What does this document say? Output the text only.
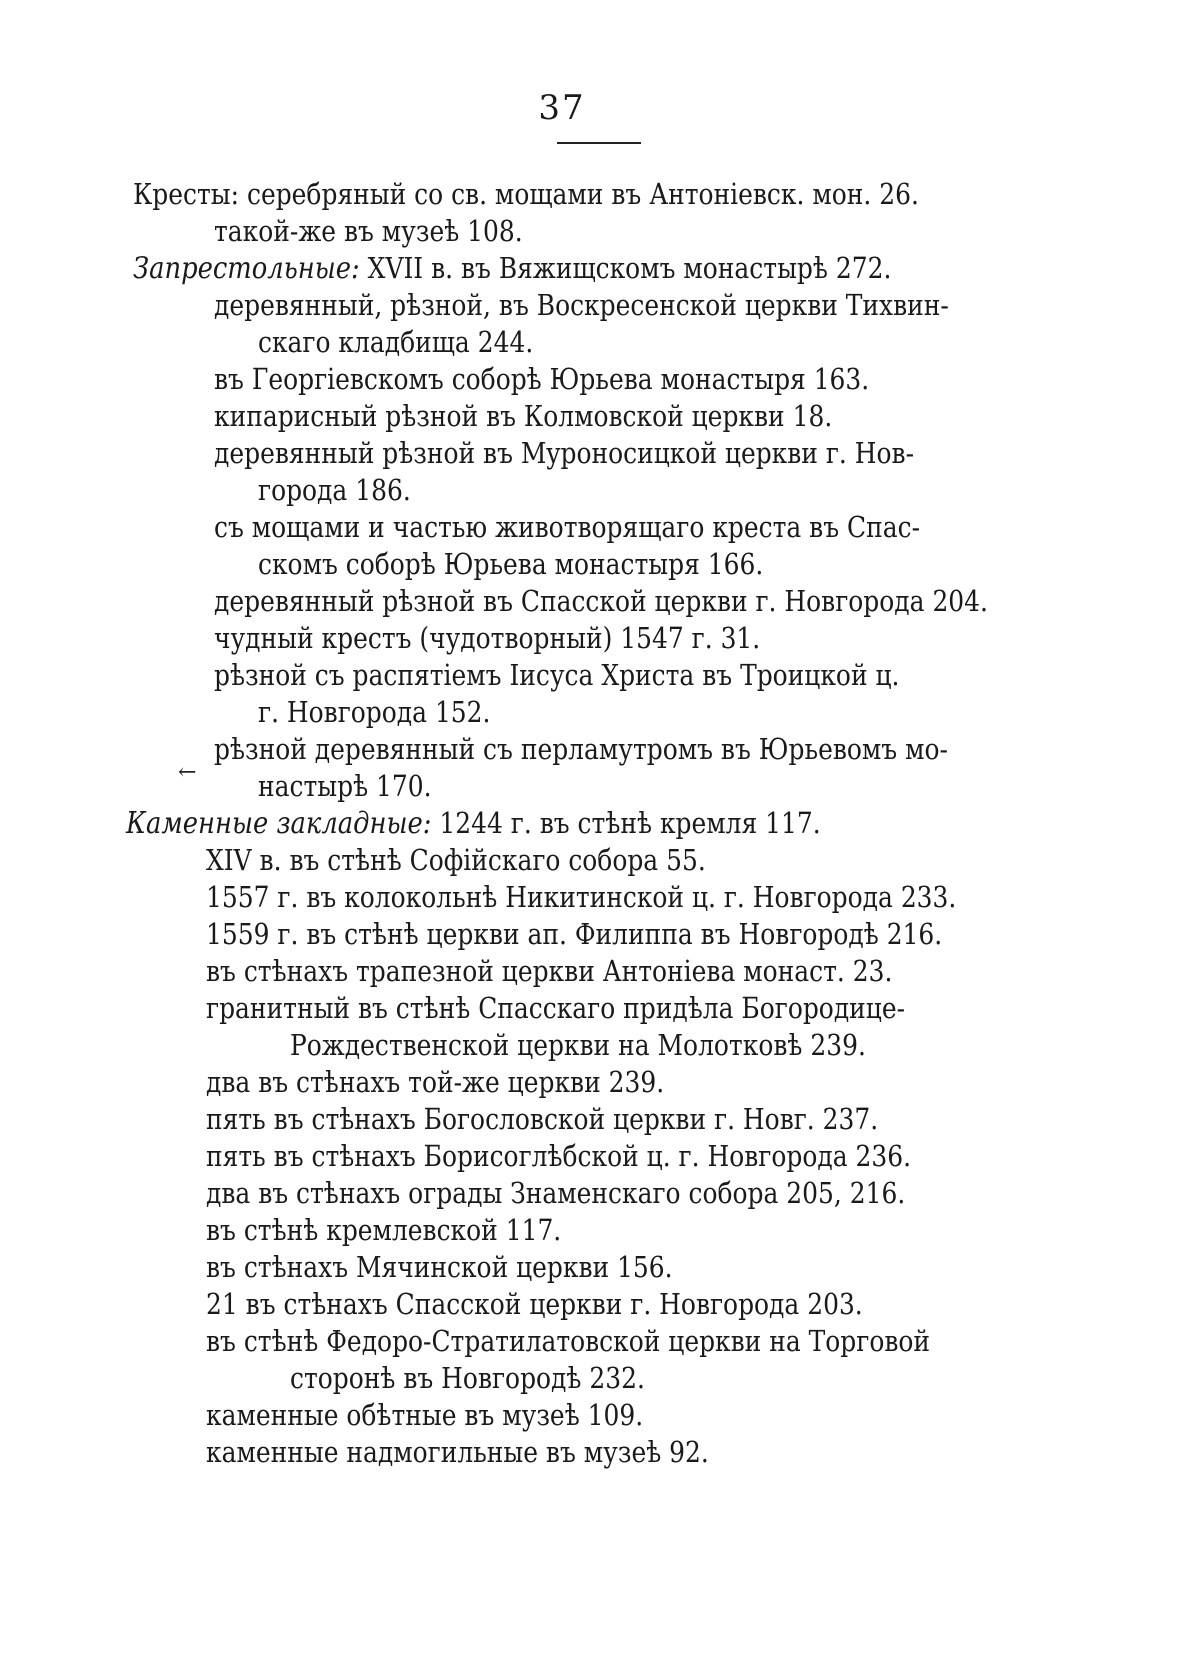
37
Кресты: серебряный со св. мощами въ Антоніевск. мон. 26.
такой-же въ музеѣ 108.
Запрестольные: XVII в. въ Вяжищскомъ монастырѣ 272.
деревянный, рѣзной, въ Воскресенской церкви Тихвин-
скаго кладбища 244.
въ Георгіевскомъ соборѣ Юрьева монастыря 163.
кипарисный рѣзной въ Колмовской церкви 18.
деревянный рѣзной въ Мyроносицкой церкви г. Нов-
города 186.
съ мощами и частью животворящаго креста въ Спас-
скомъ соборѣ Юрьева монастыря 166.
деревянный рѣзной въ Спасской церкви г. Новгорода 204.
чудный крестъ (чудотворный) 1547 г. 31.
рѣзной съ распятіемъ Іисуса Христа въ Троицкой ц.
г. Новгорода 152.
рѣзной деревянный съ перламутромъ въ Юрьевомъ мо-
← настырѣ 170.
Каменные закладные: 1244 г. въ стѣнѣ кремля 117.
XIV в. въ стѣнѣ Софійскаго собора 55.
1557 г. въ колокольнѣ Никитинской ц. г. Новгорода 233.
1559 г. въ стѣнѣ церкви ап. Филиппа въ Новгородѣ 216.
въ стѣнахъ трапезной церкви Антоніева монаст. 23.
гранитный въ стѣнѣ Спасскаго придѣла Богородице-
Рождественской церкви на Молотковѣ 239.
два въ стѣнахъ той-же церкви 239.
пять въ стѣнахъ Богословской церкви г. Новг. 237.
пять въ стѣнахъ Борисоглѣбской ц. г. Новгорода 236.
два въ стѣнахъ ограды Знаменскаго собора 205, 216.
въ стѣнѣ кремлевской 117.
въ стѣнахъ Мячинской церкви 156.
21 въ стѣнахъ Спасской церкви г. Новгорода 203.
въ стѣнѣ Федоро-Стратилатовской церкви на Торговой
сторонѣ въ Новгородѣ 232.
каменные обѣтные въ музеѣ 109.
каменные надмогильные въ музеѣ 92.
